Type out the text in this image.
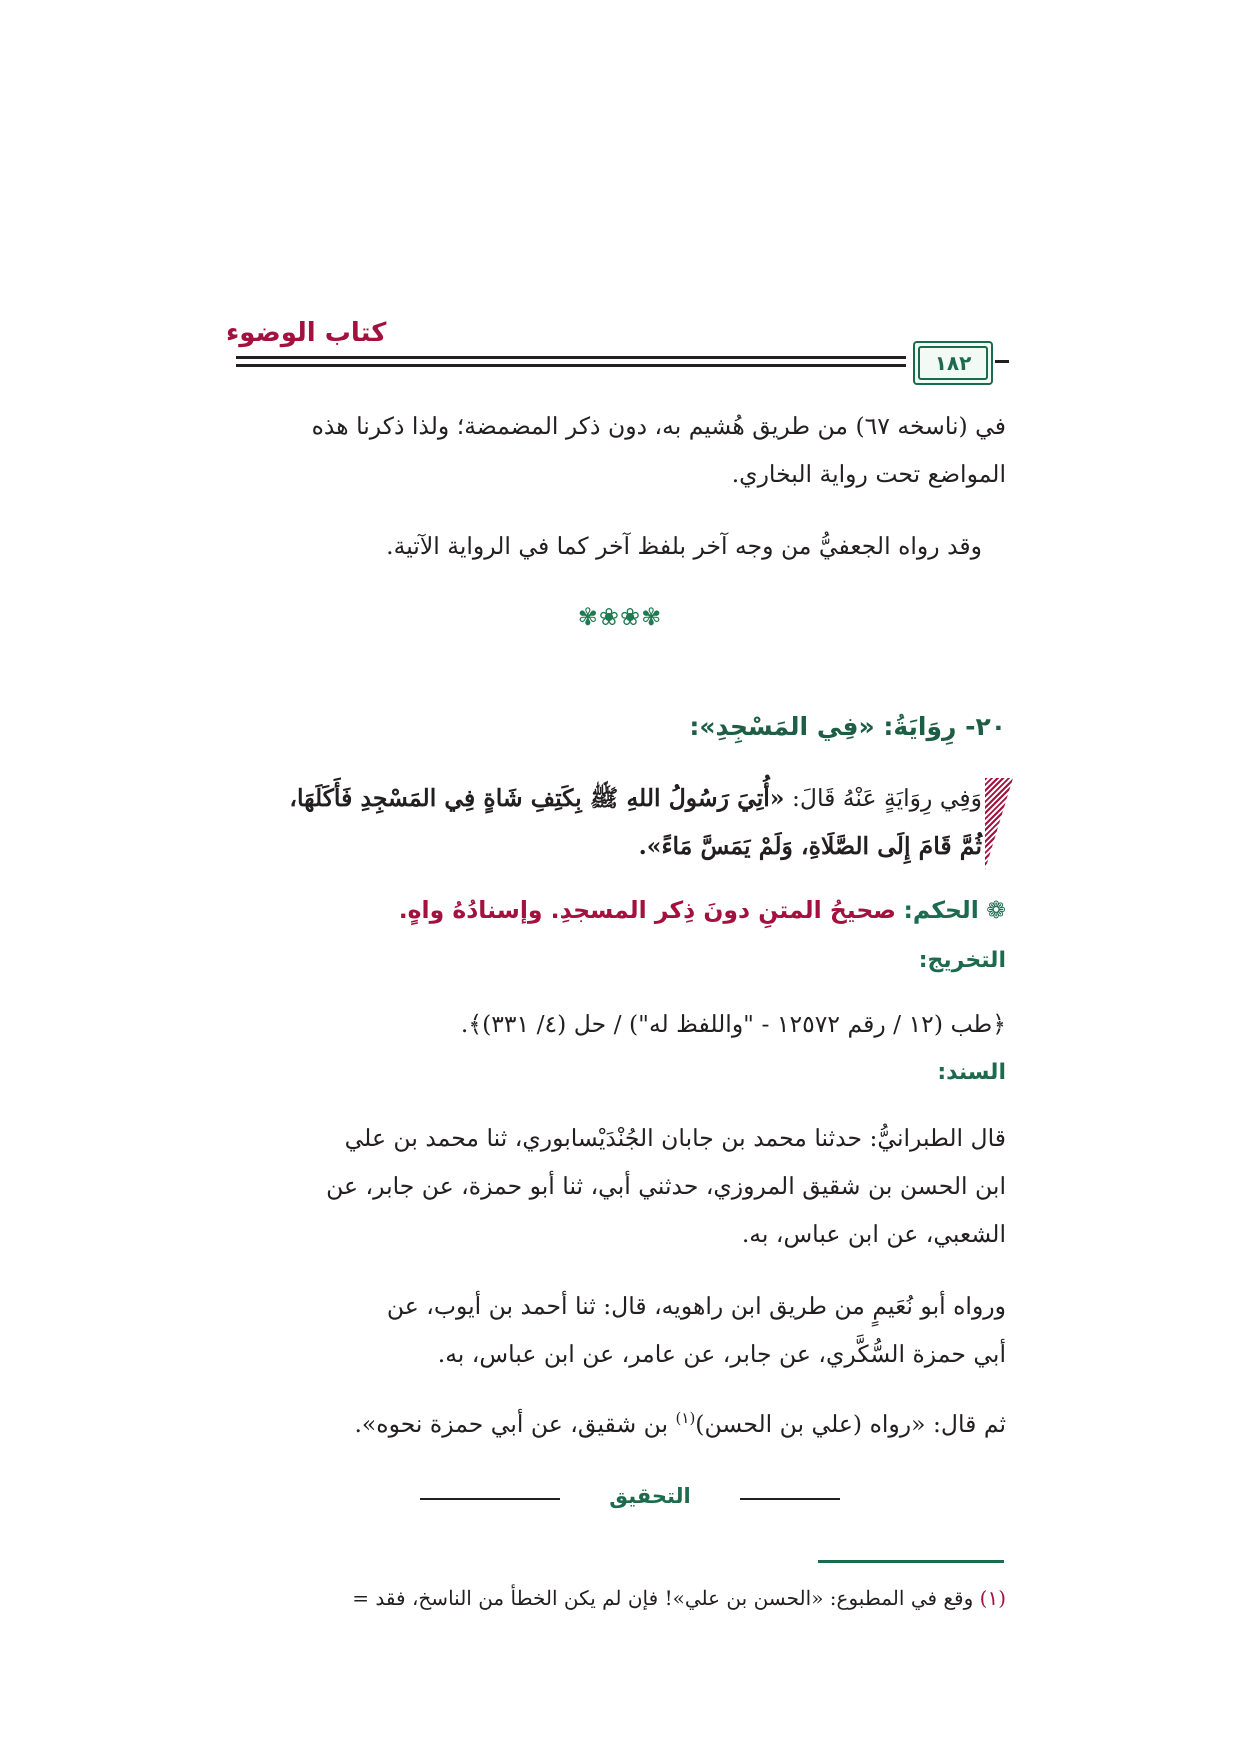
كتاب الوضوء
١٨٢
في (ناسخه ٦٧) من طريق هُشيم به، دون ذكر المضمضة؛ ولذا ذكرنا هذه
المواضع تحت رواية البخاري.
وقد رواه الجعفيُّ من وجه آخر بلفظ آخر كما في الرواية الآتية.
✾❀❀✾
٢٠- رِوَايَةُ: «فِي المَسْجِدِ»:
وَفِي رِوَايَةٍ عَنْهُ قَالَ: «أُتِيَ رَسُولُ اللهِ ﷺ بِكَتِفِ شَاةٍ فِي المَسْجِدِ فَأَكَلَهَا،
ثُمَّ قَامَ إِلَى الصَّلَاةِ، وَلَمْ يَمَسَّ مَاءً».
❁ الحكم: صحيحُ المتنِ دونَ ذِكر المسجدِ. وإسنادُهُ واهٍ.
التخريج:
﴿طب (١٢ / رقم ١٢٥٧٢ - "واللفظ له") / حل (٤/ ٣٣١)﴾.
السند:
قال الطبرانيُّ: حدثنا محمد بن جابان الجُنْدَيْسابوري، ثنا محمد بن علي
ابن الحسن بن شقيق المروزي، حدثني أبي، ثنا أبو حمزة، عن جابر، عن
الشعبي، عن ابن عباس، به.
ورواه أبو نُعَيمٍ من طريق ابن راهويه، قال: ثنا أحمد بن أيوب، عن
أبي حمزة السُّكَّري، عن جابر، عن عامر، عن ابن عباس، به.
ثم قال: «رواه (علي بن الحسن)$^{(١)}$ بن شقيق، عن أبي حمزة نحوه».
التحقيق
(١) وقع في المطبوع: «الحسن بن علي»! فإن لم يكن الخطأ من الناسخ، فقد =
